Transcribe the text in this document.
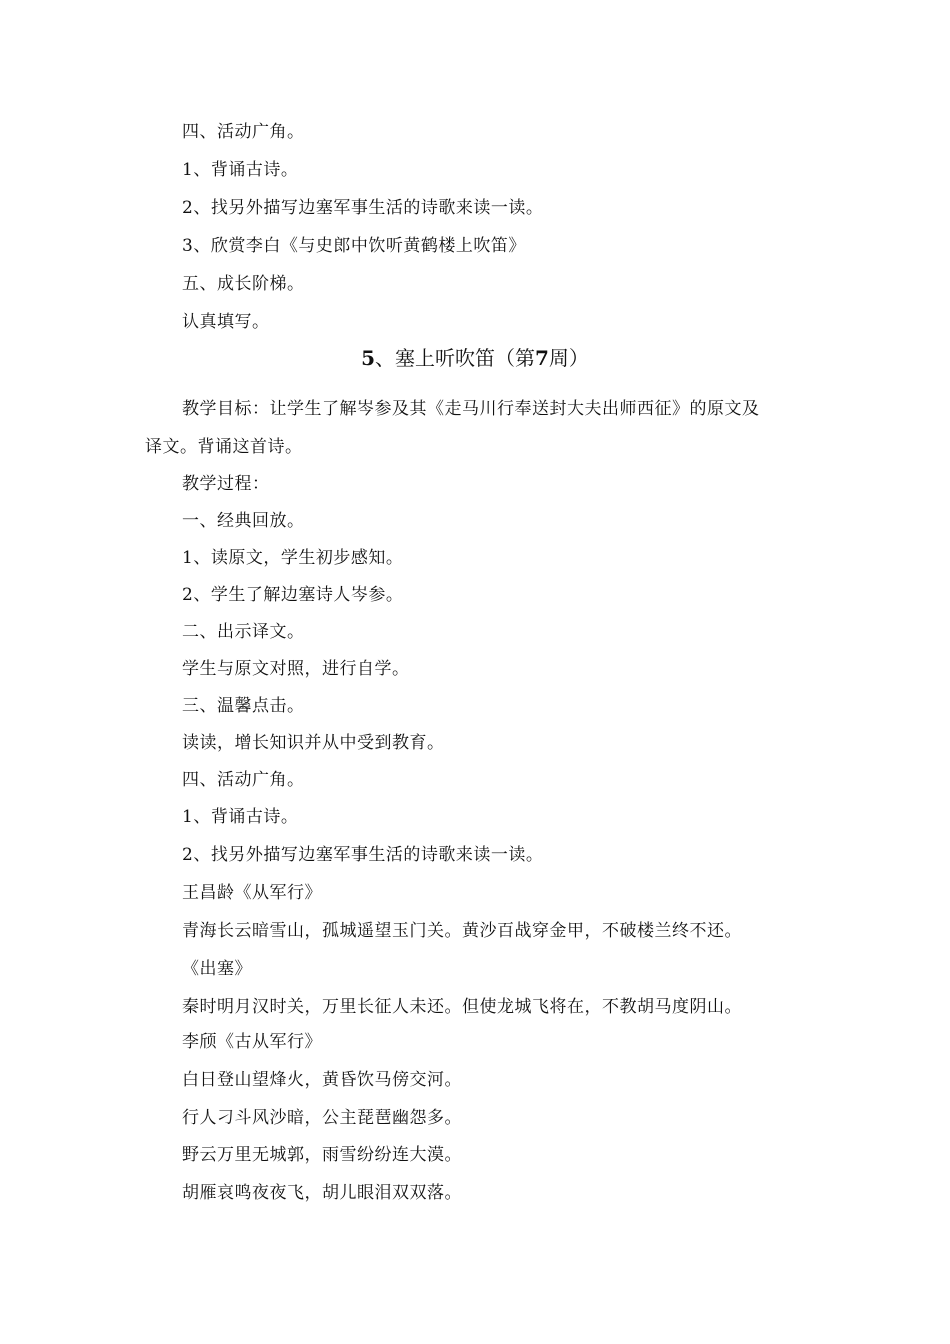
四、活动广角。
1、背诵古诗。
2、找另外描写边塞军事生活的诗歌来读一读。
3、欣赏李白《与史郎中饮听黄鹤楼上吹笛》
五、成长阶梯。
认真填写。
5、塞上听吹笛（第7周）
教学目标：让学生了解岑参及其《走马川行奉送封大夫出师西征》的原文及
译文。背诵这首诗。
教学过程：
一、经典回放。
1、读原文，学生初步感知。
2、学生了解边塞诗人岑参。
二、出示译文。
学生与原文对照，进行自学。
三、温馨点击。
读读，增长知识并从中受到教育。
四、活动广角。
1、背诵古诗。
2、找另外描写边塞军事生活的诗歌来读一读。
王昌龄《从军行》
青海长云暗雪山，孤城遥望玉门关。黄沙百战穿金甲，不破楼兰终不还。
《出塞》
秦时明月汉时关，万里长征人未还。但使龙城飞将在，不教胡马度阴山。
李颀《古从军行》
白日登山望烽火，黄昏饮马傍交河。
行人刁斗风沙暗，公主琵琶幽怨多。
野云万里无城郭，雨雪纷纷连大漠。
胡雁哀鸣夜夜飞，胡儿眼泪双双落。
